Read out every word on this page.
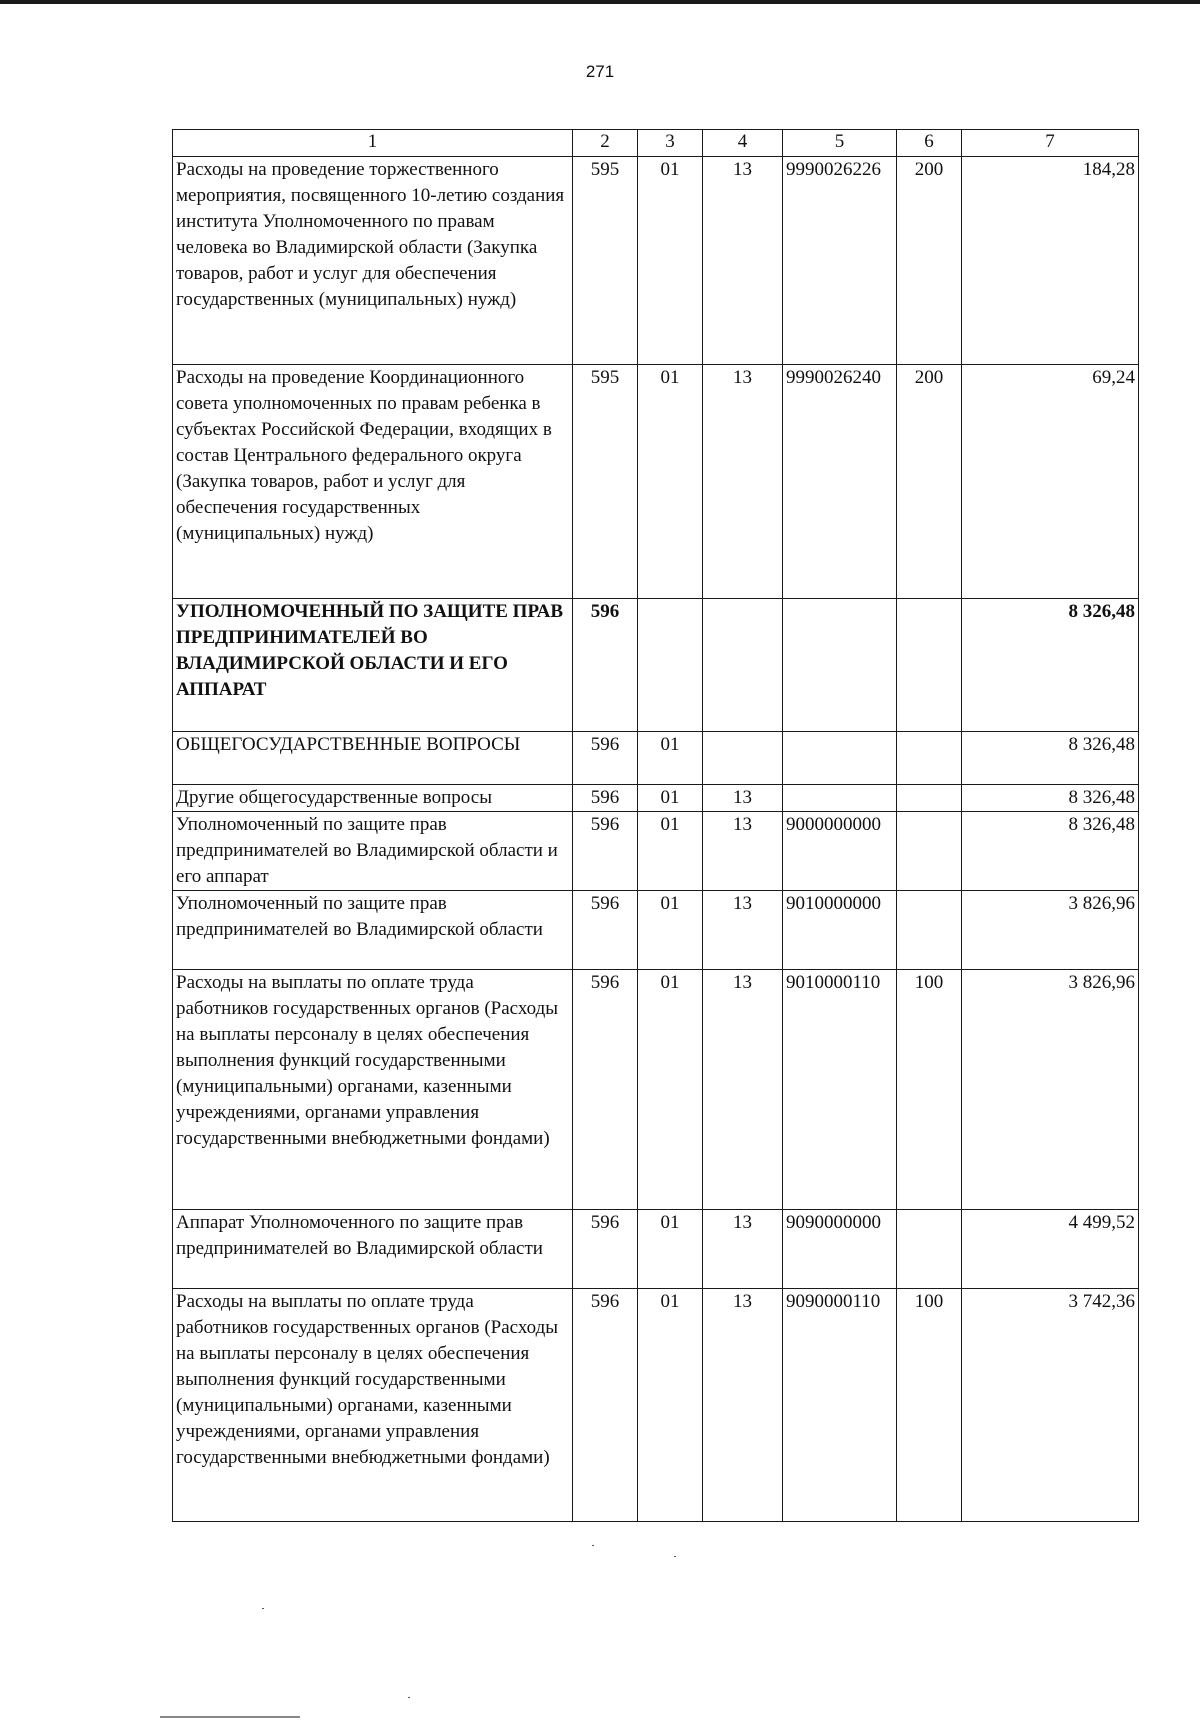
271
1	2	3	4	5	6	7
Расходы на проведение торжественного мероприятия, посвященного 10-летию создания института Уполномоченного по правам человека во Владимирской области (Закупка товаров, работ и услуг для обеспечения государственных (муниципальных) нужд)	595	01	13	9990026226	200	184,28
Расходы на проведение Координационного совета уполномоченных по правам ребенка в субъектах Российской Федерации, входящих в состав Центрального федерального округа (Закупка товаров, работ и услуг для обеспечения государственных (муниципальных) нужд)	595	01	13	9990026240	200	69,24
УПОЛНОМОЧЕННЫЙ ПО ЗАЩИТЕ ПРАВ ПРЕДПРИНИМАТЕЛЕЙ ВО ВЛАДИМИРСКОЙ ОБЛАСТИ И ЕГО АППАРАТ	596					8 326,48
ОБЩЕГОСУДАРСТВЕННЫЕ ВОПРОСЫ	596	01				8 326,48
Другие общегосударственные вопросы	596	01	13			8 326,48
Уполномоченный по защите прав предпринимателей во Владимирской области и его аппарат	596	01	13	9000000000		8 326,48
Уполномоченный по защите прав предпринимателей во Владимирской области	596	01	13	9010000000		3 826,96
Расходы на выплаты по оплате труда работников государственных органов (Расходы на выплаты персоналу в целях обеспечения выполнения функций государственными (муниципальными) органами, казенными учреждениями, органами управления государственными внебюджетными фондами)	596	01	13	9010000110	100	3 826,96
Аппарат Уполномоченного по защите прав предпринимателей во Владимирской области	596	01	13	9090000000		4 499,52
Расходы на выплаты по оплате труда работников государственных органов (Расходы на выплаты персоналу в целях обеспечения выполнения функций государственными (муниципальными) органами, казенными учреждениями, органами управления государственными внебюджетными фондами)	596	01	13	9090000110	100	3 742,36
